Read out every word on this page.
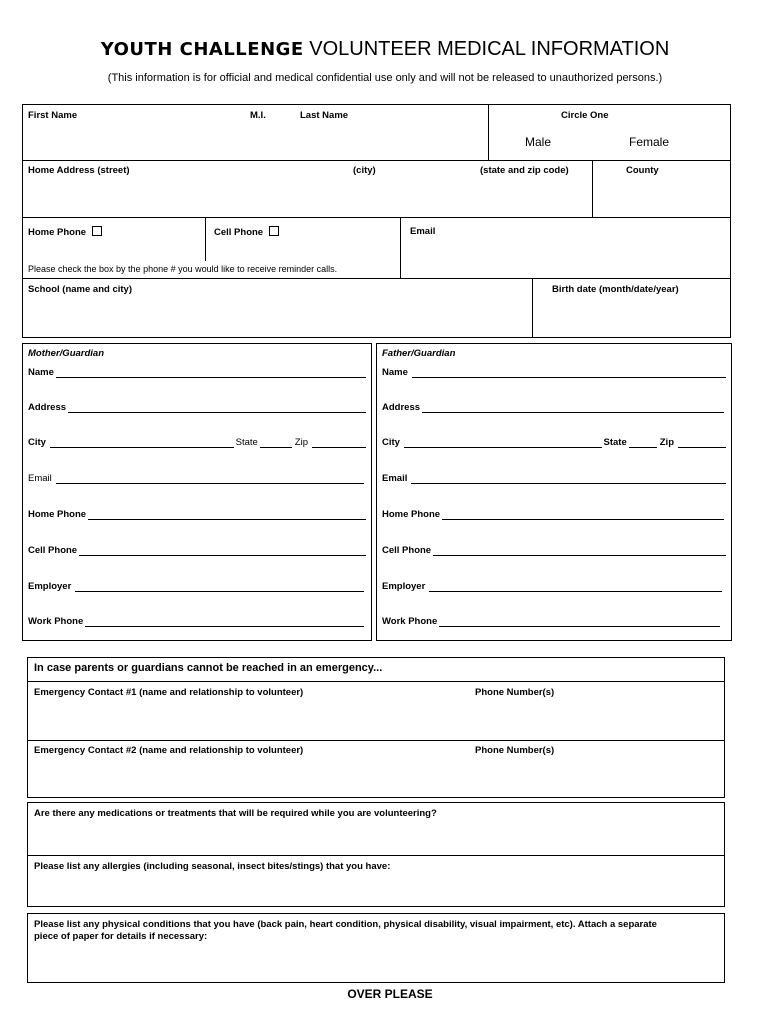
YOUTH CHALLENGE VOLUNTEER MEDICAL INFORMATION
(This information is for official and medical confidential use only and will not be released to unauthorized persons.)
First Name	M.I.	Last Name	Circle One
Male	Female
Home Address (street)	(city)	(state and zip code)	County
Home Phone	Cell Phone	Email
Please check the box by the phone # you would like to receive reminder calls.
School (name and city)	Birth date (month/date/year)
Mother/Guardian
Name
Address
City	State	Zip
Email
Home Phone
Cell Phone
Employer
Work Phone
Father/Guardian
Name
Address
City	State	Zip
Email
Home Phone
Cell Phone
Employer
Work Phone
In case parents or guardians cannot be reached in an emergency...
Emergency Contact #1 (name and relationship to volunteer)	Phone Number(s)
Emergency Contact #2 (name and relationship to volunteer)	Phone Number(s)
Are there any medications or treatments that will be required while you are volunteering?
Please list any allergies (including seasonal, insect bites/stings) that you have:
Please list any physical conditions that you have (back pain, heart condition, physical disability, visual impairment, etc). Attach a separate
piece of paper for details if necessary:
OVER PLEASE
